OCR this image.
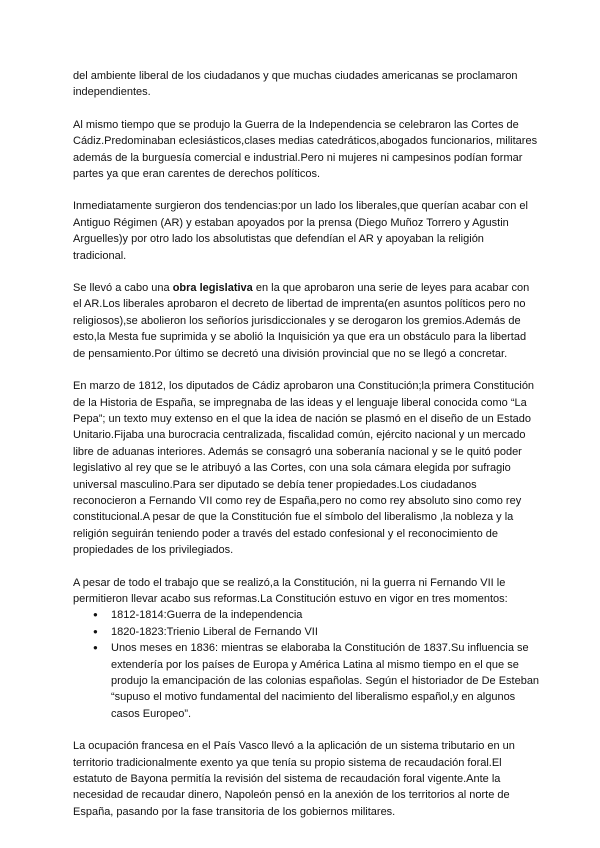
del ambiente liberal de los ciudadanos y que muchas ciudades americanas se proclamaron independientes.

Al mismo tiempo que se produjo la Guerra de la Independencia se celebraron las Cortes de Cádiz.Predominaban eclesiásticos,clases medias catedráticos,abogados funcionarios, militares además de la burguesía comercial e industrial.Pero ni mujeres ni campesinos podían formar partes ya que eran carentes de derechos políticos.

Inmediatamente surgieron dos tendencias:por un lado los liberales,que querían acabar con el Antiguo Régimen (AR) y estaban apoyados por la prensa (Diego Muñoz Torrero y Agustin Arguelles)y por otro lado los absolutistas que defendían el AR y apoyaban la religión tradicional.

Se llevó a cabo una obra legislativa en la que aprobaron una serie de leyes para acabar con el AR.Los liberales aprobaron el decreto de libertad de imprenta(en asuntos políticos pero no religiosos),se abolieron los señoríos jurisdiccionales y se derogaron los gremios.Además de esto,la Mesta fue suprimida y se abolió la Inquisición ya que era un obstáculo para la libertad de pensamiento.Por último se decretó una división provincial que no se llegó a concretar.

En marzo de 1812, los diputados de Cádiz aprobaron una Constitución;la primera Constitución de la Historia de España, se impregnaba de las ideas y el lenguaje liberal conocida como “La Pepa”; un texto muy extenso en el que la idea de nación se plasmó en el diseño de un Estado Unitario.Fijaba una burocracia centralizada, fiscalidad común, ejército nacional y un mercado libre de aduanas interiores. Además se consagró una soberanía nacional y se le quitó poder legislativo al rey que se le atribuyó a las Cortes, con una sola cámara elegida por sufragio universal masculino.Para ser diputado se debía tener propiedades.Los ciudadanos reconocieron a Fernando VII como rey de España,pero no como rey absoluto sino como rey constitucional.A pesar de que la Constitución fue el símbolo del liberalismo ,la nobleza y la religión seguirán teniendo poder a través del estado confesional y el reconocimiento de propiedades de los privilegiados.

A pesar de todo el trabajo que se realizó,a la Constitución, ni la guerra ni Fernando VII le permitieron llevar acabo sus reformas.La Constitución estuvo en vigor en tres momentos:

● 1812-1814:Guerra de la independencia
● 1820-1823:Trienio Liberal de Fernando VII
● Unos meses en 1836: mientras se elaboraba la Constitución de 1837.Su influencia se extendería por los países de Europa y América Latina al mismo tiempo en el que se produjo la emancipación de las colonias españolas. Según el historiador de De Esteban “supuso el motivo fundamental del nacimiento del liberalismo español,y en algunos casos Europeo”.

La ocupación francesa en el País Vasco llevó a la aplicación de un sistema tributario en un territorio tradicionalmente exento ya que tenía su propio sistema de recaudación foral.El estatuto de Bayona permitía la revisión del sistema de recaudación foral vigente.Ante la necesidad de recaudar dinero, Napoleón pensó en la anexión de los territorios al norte de España, pasando por la fase transitoria de los gobiernos militares.
